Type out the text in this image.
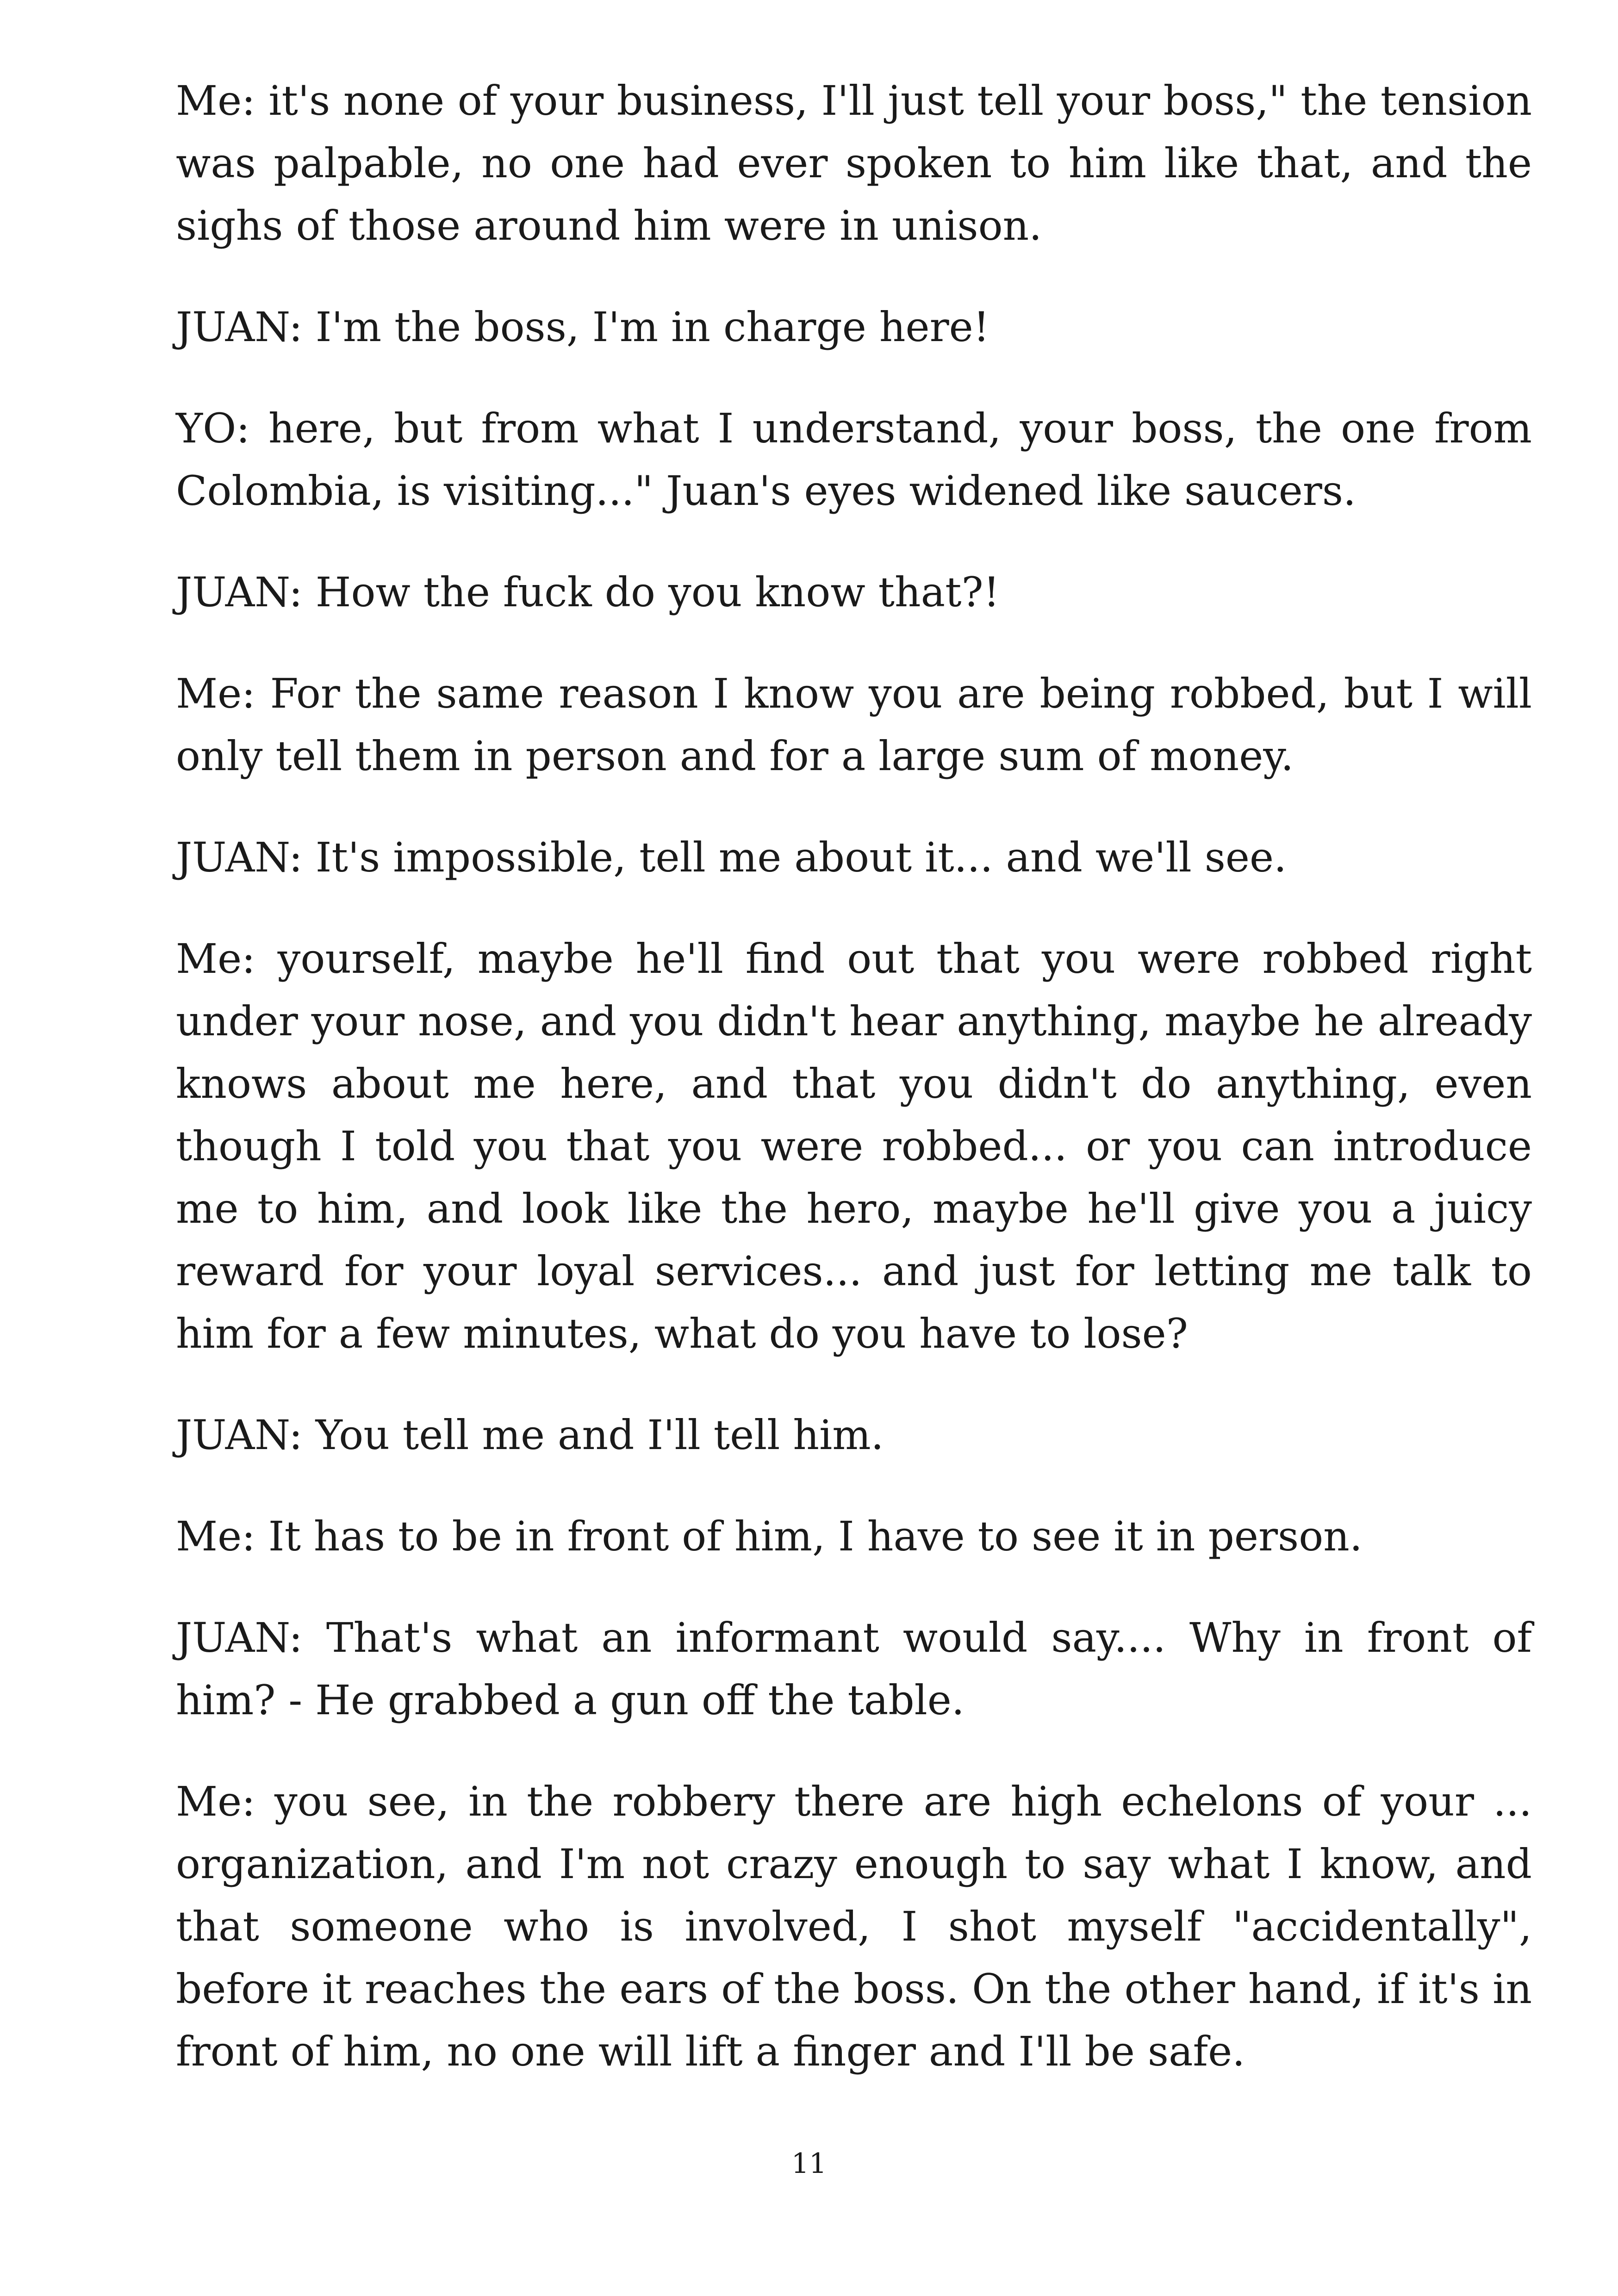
Me: it's none of your business, I'll just tell your boss," the tension was palpable, no one had ever spoken to him like that, and the sighs of those around him were in unison.

JUAN: I'm the boss, I'm in charge here!

YO: here, but from what I understand, your boss, the one from Colombia, is visiting..." Juan's eyes widened like saucers.

JUAN: How the fuck do you know that?!

Me: For the same reason I know you are being robbed, but I will only tell them in person and for a large sum of money.

JUAN: It's impossible, tell me about it... and we'll see.

Me: yourself, maybe he'll find out that you were robbed right under your nose, and you didn't hear anything, maybe he already knows about me here, and that you didn't do anything, even though I told you that you were robbed... or you can introduce me to him, and look like the hero, maybe he'll give you a juicy reward for your loyal services... and just for letting me talk to him for a few minutes, what do you have to lose?

JUAN: You tell me and I'll tell him.

Me: It has to be in front of him, I have to see it in person.

JUAN: That's what an informant would say.... Why in front of him? - He grabbed a gun off the table.

Me: you see, in the robbery there are high echelons of your ... organization, and I'm not crazy enough to say what I know, and that someone who is involved, I shot myself "accidentally", before it reaches the ears of the boss. On the other hand, if it's in front of him, no one will lift a finger and I'll be safe.

11
